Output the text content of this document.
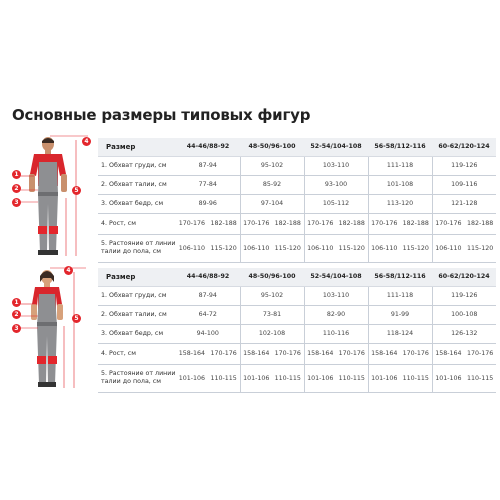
Основные размеры типовых фигур
4
1
2
3
5
4
1
2
3
5
Размер	44-46/88-92	48-50/96-100	52-54/104-108	56-58/112-116	60-62/120-124
1. Обхват груди, см	87-94	95-102	103-110	111-118	119-126
2. Обхват талии, см	77-84	85-92	93-100	101-108	109-116
3. Обхват бедр, см	89-96	97-104	105-112	113-120	121-128
4. Рост, см	170-176 182-188	170-176 182-188	170-176 182-188	170-176 182-188	170-176 182-188

5. Растояние от линии талии до пола, см	106-110 115-120	106-110 115-120	106-110 115-120	106-110 115-120	106-110 115-120
Размер	44-46/88-92	48-50/96-100	52-54/104-108	56-58/112-116	60-62/120-124
1. Обхват груди, см	87-94	95-102	103-110	111-118	119-126
2. Обхват талии, см	64-72	73-81	82-90	91-99	100-108
3. Обхват бедр, см	94-100	102-108	110-116	118-124	126-132
4. Рост, см	158-164 170-176	158-164 170-176	158-164 170-176	158-164 170-176	158-164 170-176

5. Растояние от линии талии до пола, см	101-106 110-115	101-106 110-115	101-106 110-115	101-106 110-115	101-106 110-115
